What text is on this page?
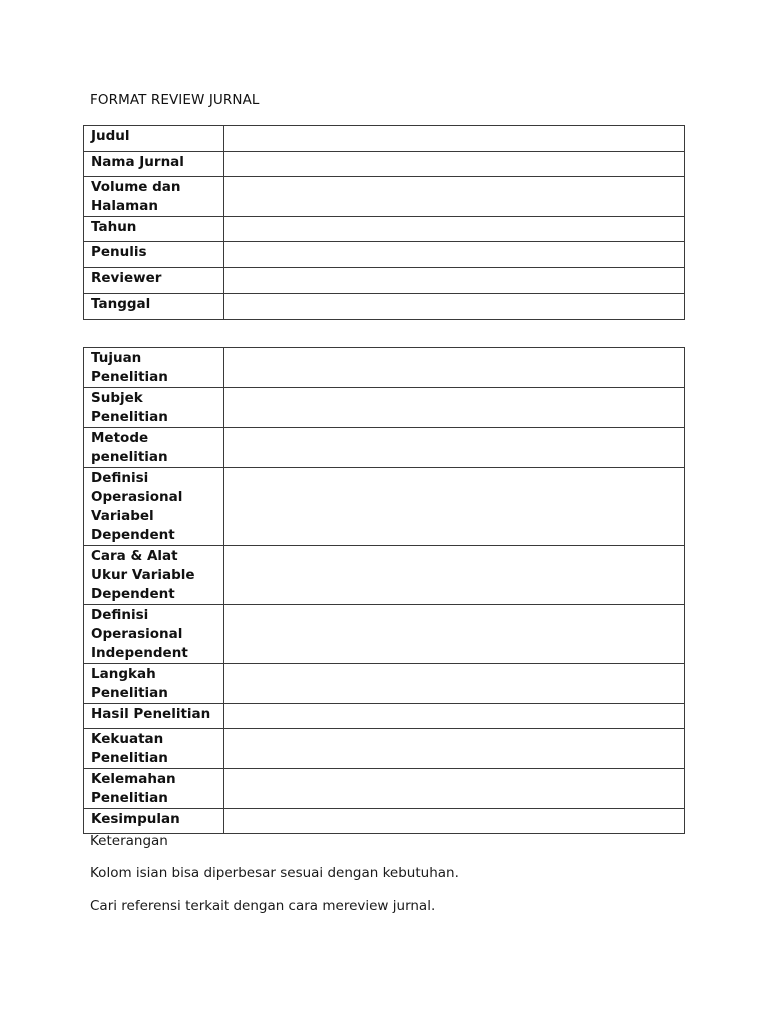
FORMAT REVIEW JURNAL
Judul	
Nama Jurnal	
Volume dan Halaman	
Tahun	
Penulis	
Reviewer	
Tanggal	
Tujuan Penelitian	
Subjek Penelitian	
Metode penelitian	
Definisi Operasional Variabel Dependent	
Cara & Alat Ukur Variable Dependent	
Definisi Operasional Independent	
Langkah Penelitian	
Hasil Penelitian	
Kekuatan Penelitian	
Kelemahan Penelitian	
Kesimpulan	
Keterangan
Kolom isian bisa diperbesar sesuai dengan kebutuhan.
Cari referensi terkait dengan cara mereview jurnal.
